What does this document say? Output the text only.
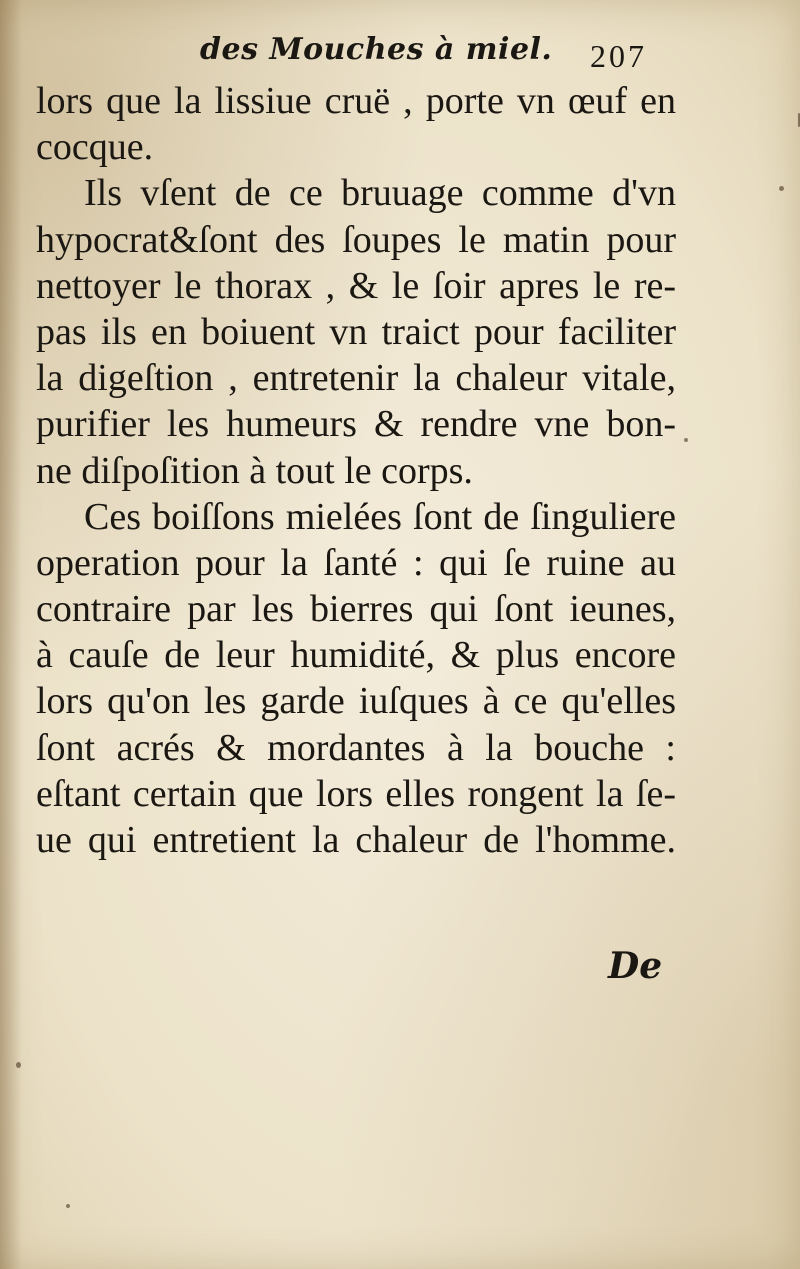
des Mouches à miel. 207
lors que la lissiue cruë , porte vn œuf en
cocque.
Ils vſent de ce bruuage comme d'vn
hypocrat&ſont des ſoupes le matin pour
nettoyer le thorax , & le ſoir apres le re-
pas ils en boiuent vn traict pour faciliter
la digeſtion , entretenir la chaleur vitale,
purifier les humeurs & rendre vne bon-
ne diſpoſition à tout le corps.
Ces boiſſons mielées ſont de ſinguliere
operation pour la ſanté : qui ſe ruine au
contraire par les bierres qui ſont ieunes,
à cauſe de leur humidité, & plus encore
lors qu'on les garde iuſques à ce qu'elles
ſont acrés & mordantes à la bouche :
eſtant certain que lors elles rongent la ſe-
ue qui entretient la chaleur de l'homme.
De
